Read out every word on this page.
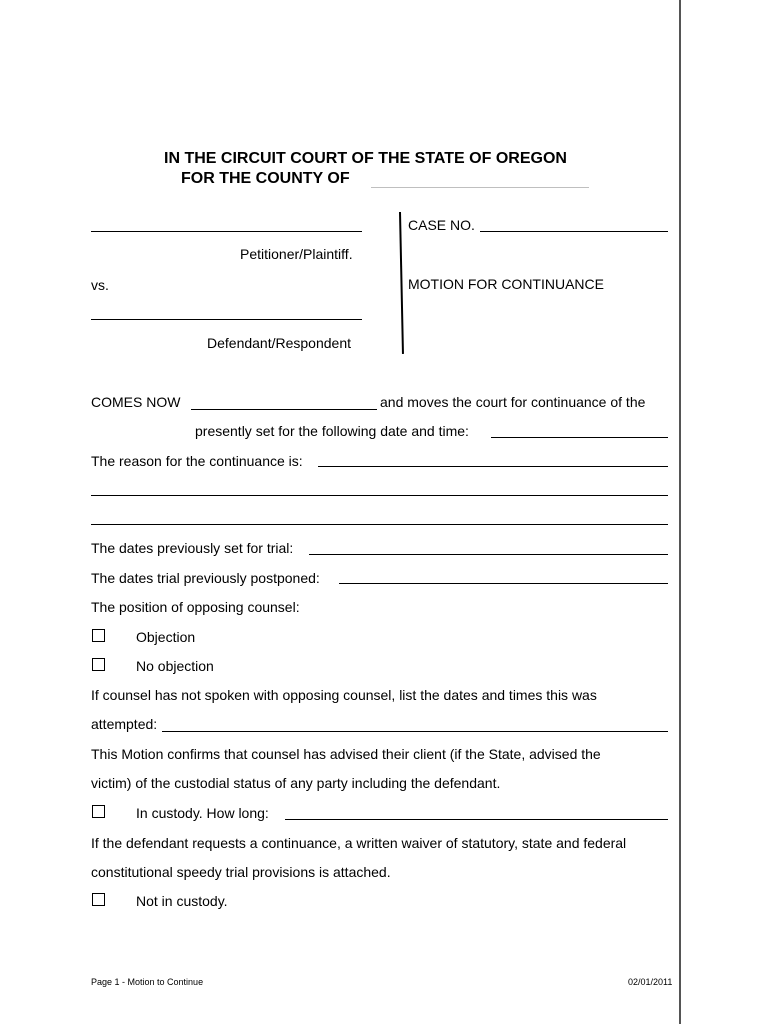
IN THE CIRCUIT COURT OF THE STATE OF OREGON
FOR THE COUNTY OF
Petitioner/Plaintiff.
vs.
Defendant/Respondent
CASE NO.
MOTION FOR CONTINUANCE
COMES NOW	and moves the court for continuance of the
presently set for the following date and time:
The reason for the continuance is:
The dates previously set for trial:
The dates trial previously postponed:
The position of opposing counsel:
Objection
No objection
If counsel has not spoken with opposing counsel, list the dates and times this was
attempted:
This Motion confirms that counsel has advised their client (if the State, advised the
victim) of the custodial status of any party including the defendant.
In custody. How long:
If the defendant requests a continuance, a written waiver of statutory, state and federal
constitutional speedy trial provisions is attached.
Not in custody.
Page 1 - Motion to Continue	02/01/2011
